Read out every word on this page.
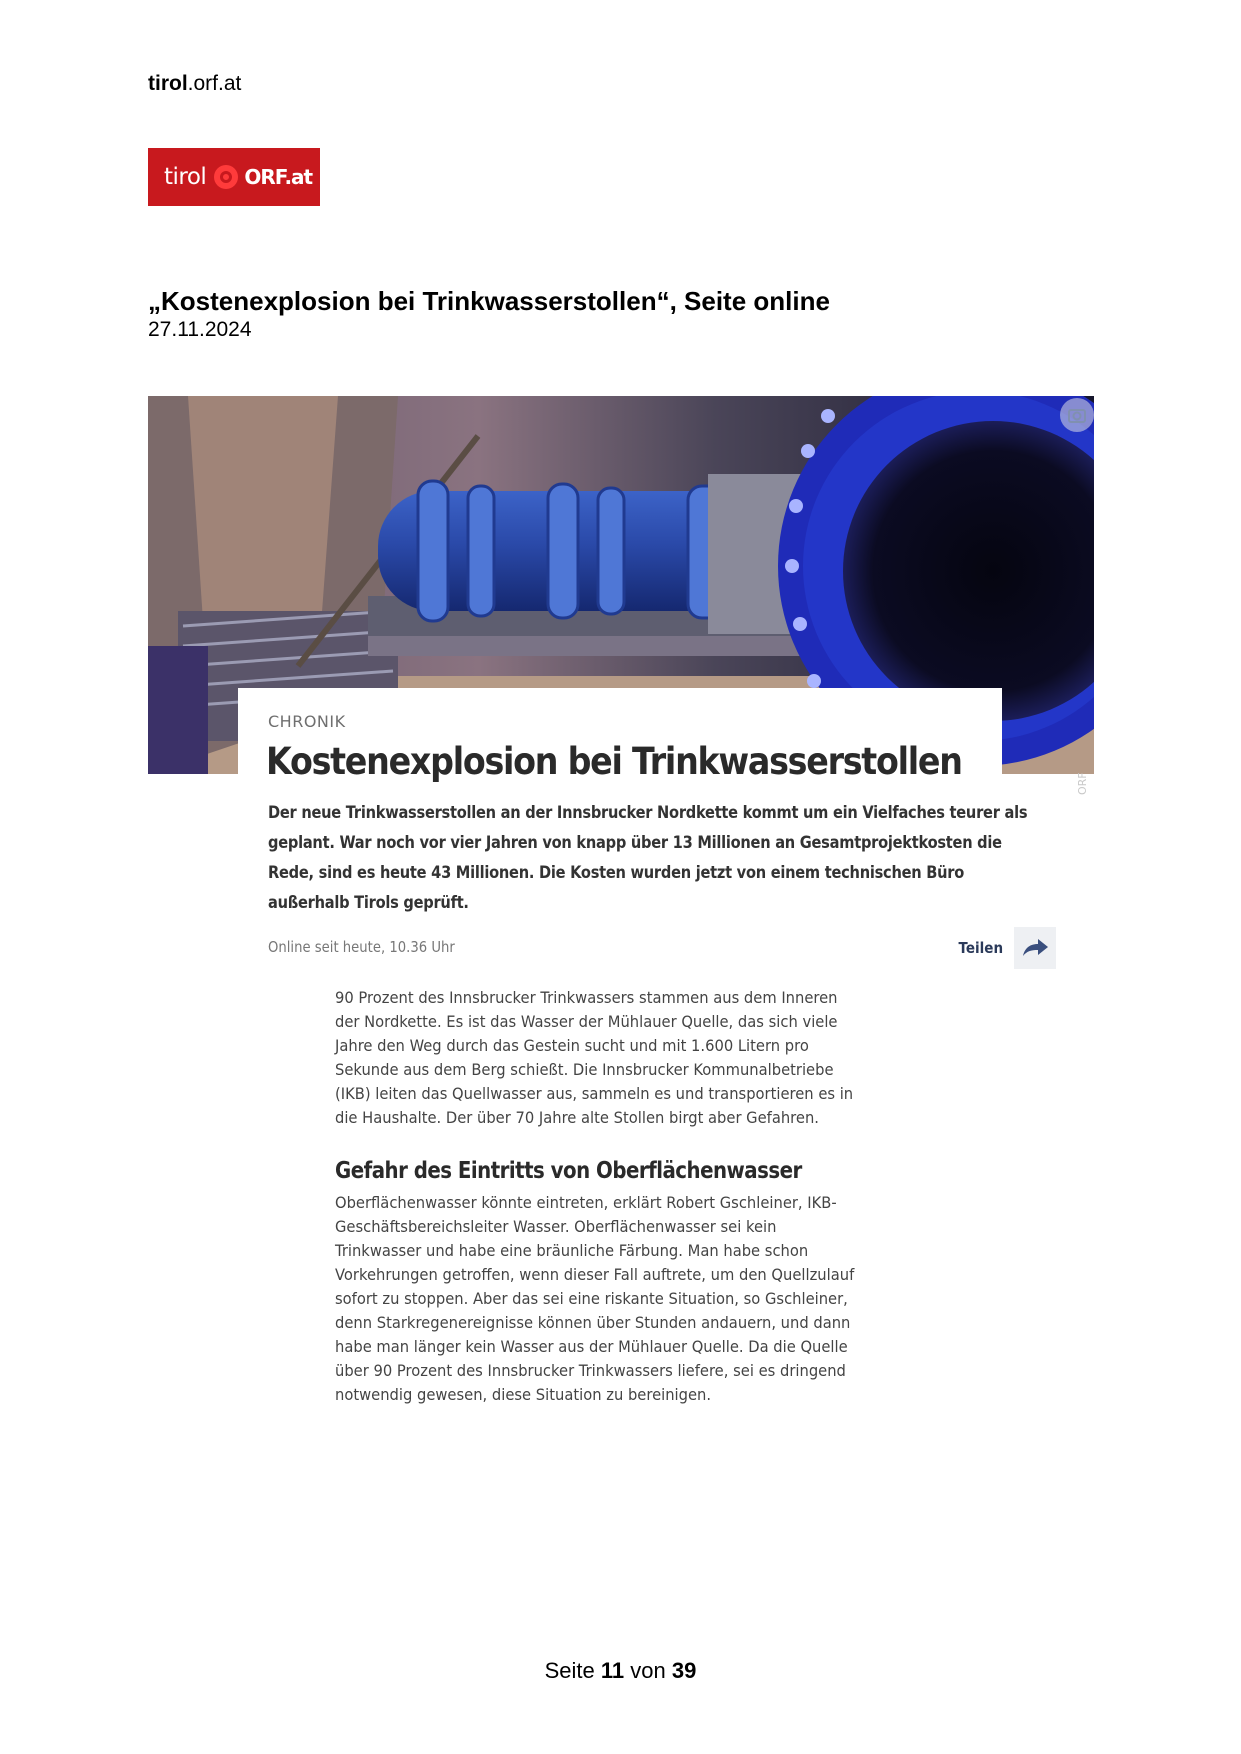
tirol.orf.at
tirol ORF.at
„Kostenexplosion bei Trinkwasserstollen“, Seite online
27.11.2024
ORF
CHRONIK
Kostenexplosion bei Trinkwasserstollen

Der neue Trinkwasserstollen an der Innsbrucker Nordkette kommt um ein Vielfaches teurer als

geplant. War noch vor vier Jahren von knapp über 13 Millionen an Gesamtprojektkosten die

Rede, sind es heute 43 Millionen. Die Kosten wurden jetzt von einem technischen Büro

außerhalb Tirols geprüft.

Online seit heute, 10.36 Uhr	Teilen

90 Prozent des Innsbrucker Trinkwassers stammen aus dem Inneren

der Nordkette. Es ist das Wasser der Mühlauer Quelle, das sich viele

Jahre den Weg durch das Gestein sucht und mit 1.600 Litern pro

Sekunde aus dem Berg schießt. Die Innsbrucker Kommunalbetriebe

(IKB) leiten das Quellwasser aus, sammeln es und transportieren es in

die Haushalte. Der über 70 Jahre alte Stollen birgt aber Gefahren.

Gefahr des Eintritts von Oberflächenwasser

Oberflächenwasser könnte eintreten, erklärt Robert Gschleiner, IKB-

Geschäftsbereichsleiter Wasser. Oberflächenwasser sei kein

Trinkwasser und habe eine bräunliche Färbung. Man habe schon

Vorkehrungen getroffen, wenn dieser Fall auftrete, um den Quellzulauf

sofort zu stoppen. Aber das sei eine riskante Situation, so Gschleiner,

denn Starkregenereignisse können über Stunden andauern, und dann

habe man länger kein Wasser aus der Mühlauer Quelle. Da die Quelle

über 90 Prozent des Innsbrucker Trinkwassers liefere, sei es dringend

notwendig gewesen, diese Situation zu bereinigen.

Seite 11 von 39
